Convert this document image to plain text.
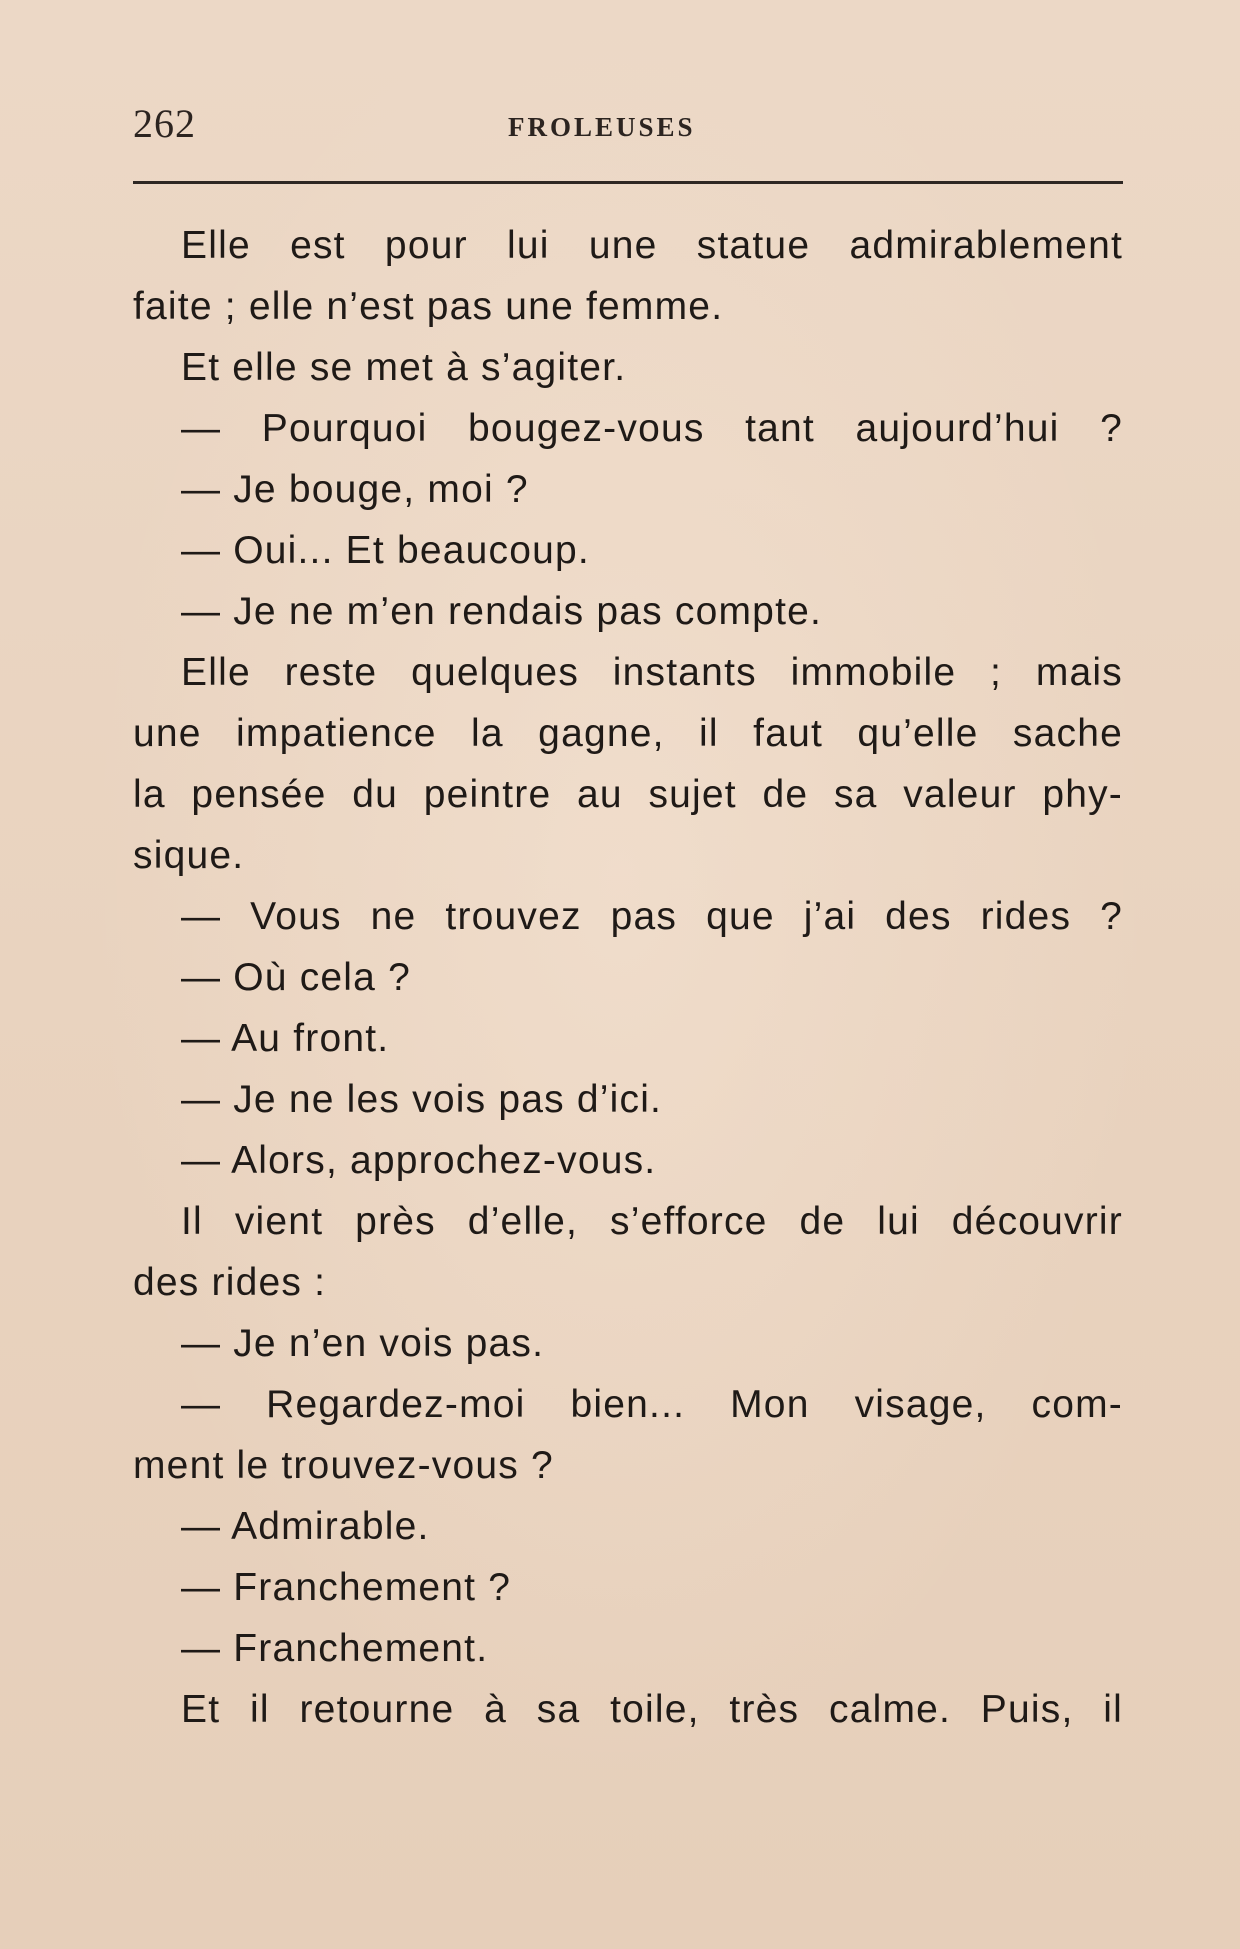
262	FROLEUSES
Elle est pour lui une statue admirablement
faite ; elle n’est pas une femme.
Et elle se met à s’agiter.
— Pourquoi bougez-vous tant aujourd’hui ?
— Je bouge, moi ?
— Oui... Et beaucoup.
— Je ne m’en rendais pas compte.
Elle reste quelques instants immobile ; mais
une impatience la gagne, il faut qu’elle sache
la pensée du peintre au sujet de sa valeur phy-
sique.
— Vous ne trouvez pas que j’ai des rides ?
— Où cela ?
— Au front.
— Je ne les vois pas d’ici.
— Alors, approchez-vous.
Il vient près d’elle, s’efforce de lui découvrir
des rides :
— Je n’en vois pas.
— Regardez-moi bien... Mon visage, com-
ment le trouvez-vous ?
— Admirable.
— Franchement ?
— Franchement.
Et il retourne à sa toile, très calme. Puis, il
